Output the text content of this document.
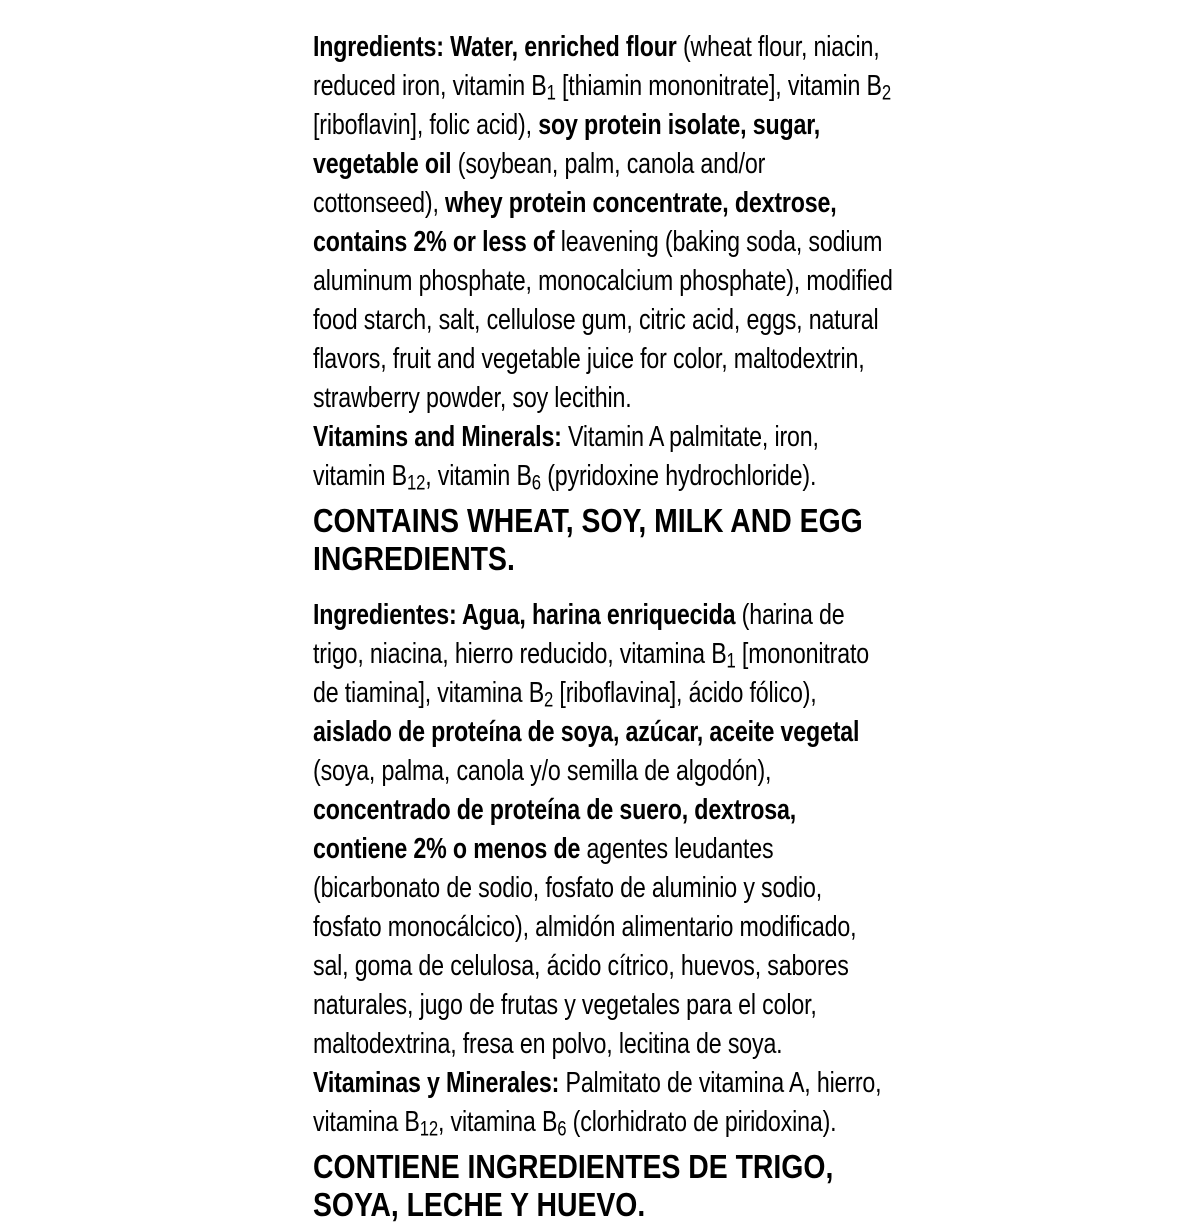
Ingredients: Water, enriched flour (wheat flour, niacin, reduced iron, vitamin $B_1$ [thiamin mononitrate], vitamin $B_2$ [riboflavin], folic acid), soy protein isolate, sugar, vegetable oil (soybean, palm, canola and/or cottonseed), whey protein concentrate, dextrose, contains 2% or less of leavening (baking soda, sodium aluminum phosphate, monocalcium phosphate), modified food starch, salt, cellulose gum, citric acid, eggs, natural flavors, fruit and vegetable juice for color, maltodextrin, strawberry powder, soy lecithin.
Vitamins and Minerals: Vitamin A palmitate, iron, vitamin $B_{12}$, vitamin $B_6$ (pyridoxine hydrochloride).
CONTAINS WHEAT, SOY, MILK AND EGG INGREDIENTS.
Ingredientes: Agua, harina enriquecida (harina de trigo, niacina, hierro reducido, vitamina $B_1$ [mononitrato de tiamina], vitamina $B_2$ [riboflavina], ácido fólico), aislado de proteína de soya, azúcar, aceite vegetal (soya, palma, canola y/o semilla de algodón), concentrado de proteína de suero, dextrosa, contiene 2% o menos de agentes leudantes (bicarbonato de sodio, fosfato de aluminio y sodio, fosfato monocálcico), almidón alimentario modificado, sal, goma de celulosa, ácido cítrico, huevos, sabores naturales, jugo de frutas y vegetales para el color, maltodextrina, fresa en polvo, lecitina de soya.
Vitaminas y Minerales: Palmitato de vitamina A, hierro, vitamina $B_{12}$, vitamina $B_6$ (clorhidrato de piridoxina).
CONTIENE INGREDIENTES DE TRIGO, SOYA, LECHE Y HUEVO.
